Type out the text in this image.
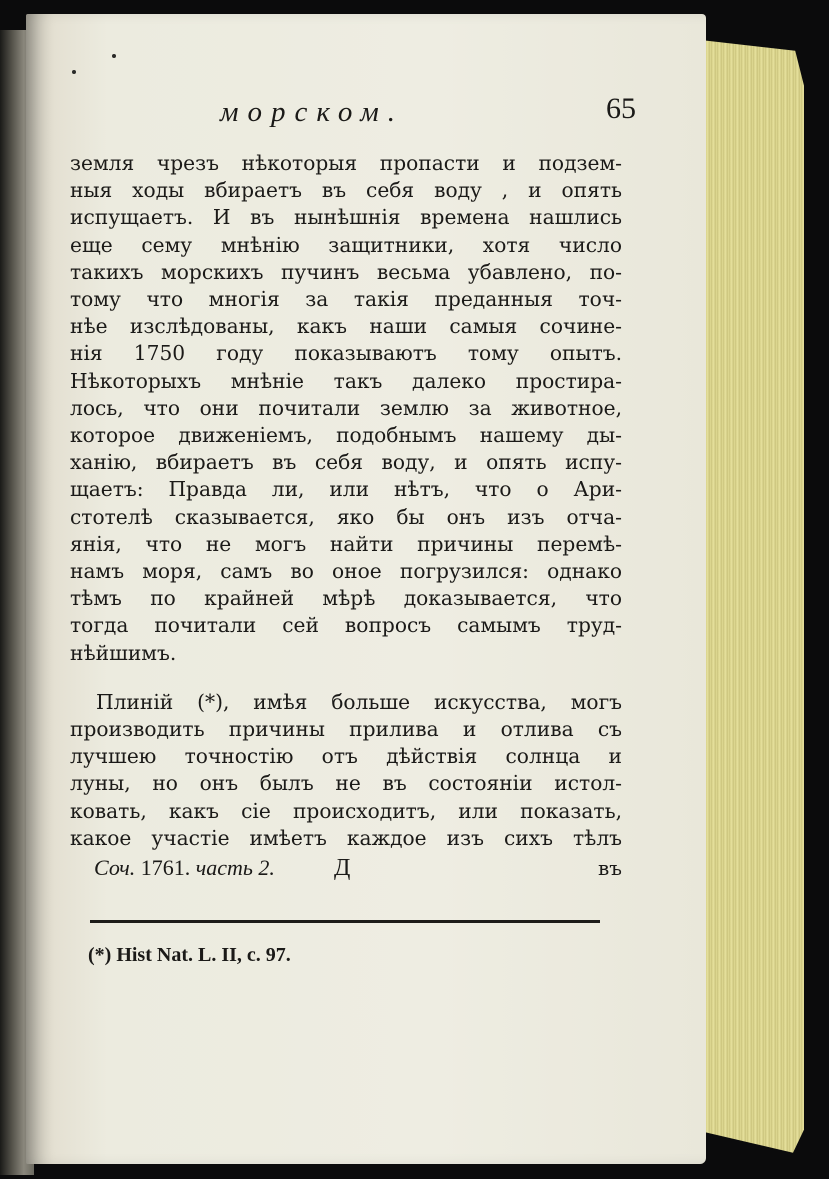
морском.	65
земля чрезъ нѣкоторыя пропасти и подзем-
ныя ходы вбираетъ въ себя воду , и опять
испущаетъ. И въ нынѣшнія времена нашлись
еще сему мнѣнію защитники, хотя число
такихъ морскихъ пучинъ весьма убавлено, по-
тому что многія за такія преданныя точ-
нѣе изслѣдованы, какъ наши самыя сочине-
нія 1750 году показываютъ тому опытъ.
Нѣкоторыхъ мнѣніе такъ далеко простира-
лось, что они почитали землю за животное,
которое движеніемъ, подобнымъ нашему ды-
ханію, вбираетъ въ себя воду, и опять испу-
щаетъ: Правда ли, или нѣтъ, что о Ари-
стотелѣ сказывается, яко бы онъ изъ отча-
янія, что не могъ найти причины перемѣ-
намъ моря, самъ во оное погрузился: однако
тѣмъ по крайней мѣрѣ доказывается, что
тогда почитали сей вопросъ самымъ труд-
нѣйшимъ.
Плиній (*), имѣя больше искусства, могъ
производить причины прилива и отлива съ
лучшею точностію отъ дѣйствія солнца и
луны, но онъ былъ не въ состояніи истол-
ковать, какъ сіе происходитъ, или показать,
какое участіе имѣетъ каждое изъ сихъ тѣлъ
Соч. 1761. часть 2.	Д	въ
(*) Hist Nat. L. II, c. 97.
